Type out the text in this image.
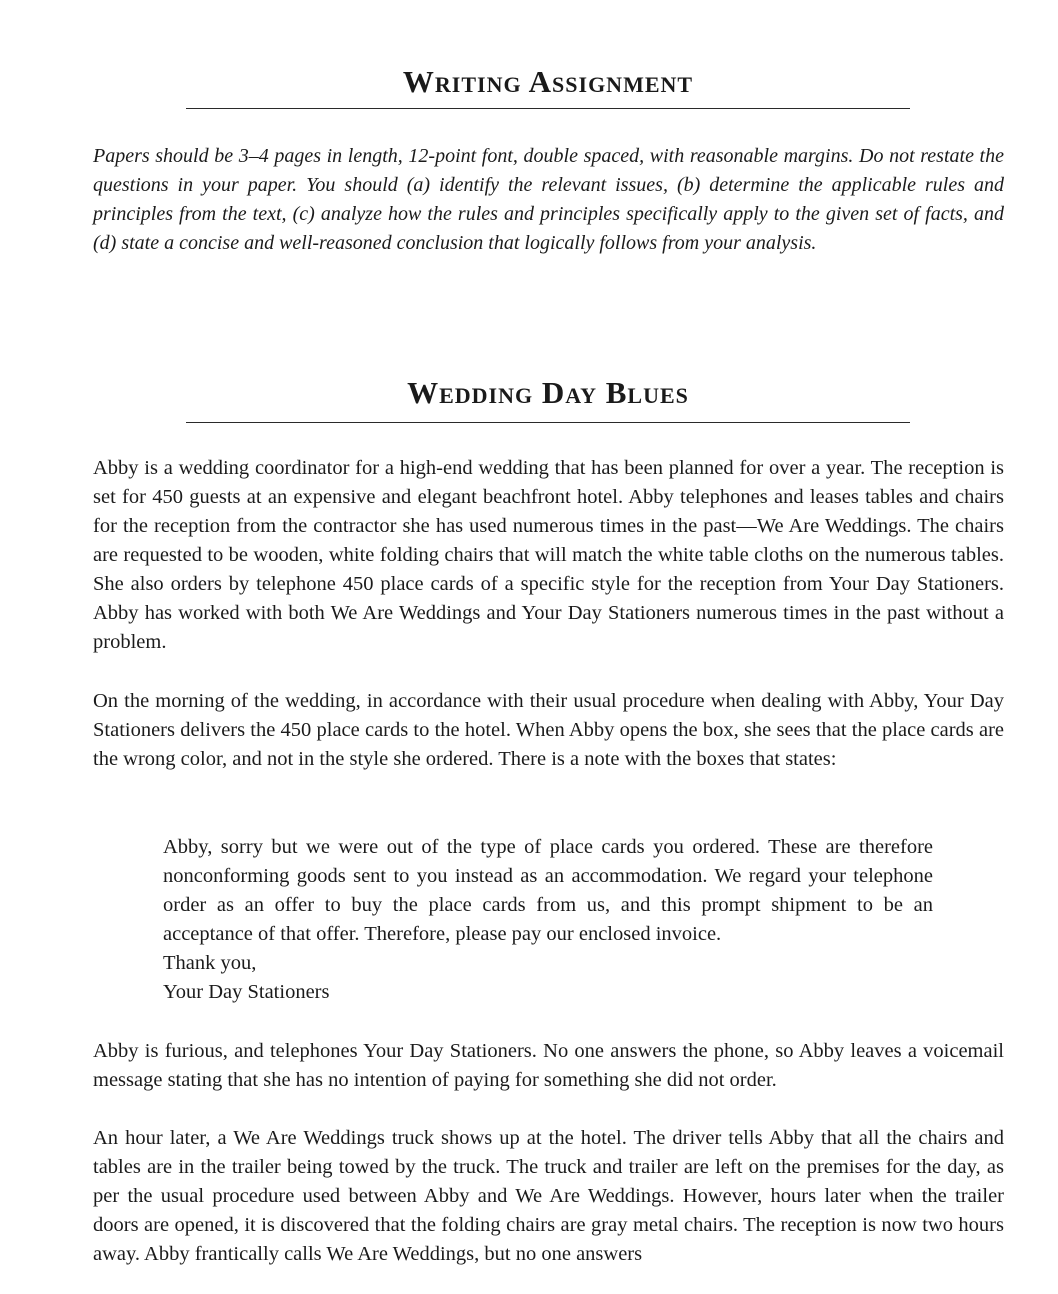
Writing Assignment

Papers should be 3–4 pages in length, 12-point font, double spaced, with reasonable margins. Do not restate the questions in your paper. You should (a) identify the relevant issues, (b) determine the applicable rules and principles from the text, (c) analyze how the rules and principles specifically apply to the given set of facts, and (d) state a concise and well-reasoned conclusion that logically follows from your analysis.

Wedding Day Blues

Abby is a wedding coordinator for a high-end wedding that has been planned for over a year. The reception is set for 450 guests at an expensive and elegant beachfront hotel. Abby telephones and leases tables and chairs for the reception from the contractor she has used numerous times in the past—We Are Weddings. The chairs are requested to be wooden, white folding chairs that will match the white table cloths on the numerous tables. She also orders by telephone 450 place cards of a specific style for the reception from Your Day Stationers. Abby has worked with both We Are Weddings and Your Day Stationers numerous times in the past without a problem.

On the morning of the wedding, in accordance with their usual procedure when dealing with Abby, Your Day Stationers delivers the 450 place cards to the hotel. When Abby opens the box, she sees that the place cards are the wrong color, and not in the style she ordered. There is a note with the boxes that states:

Abby, sorry but we were out of the type of place cards you ordered. These are therefore nonconforming goods sent to you instead as an accommodation. We regard your telephone order as an offer to buy the place cards from us, and this prompt shipment to be an acceptance of that offer. Therefore, please pay our enclosed invoice.

Thank you,
Your Day Stationers

Abby is furious, and telephones Your Day Stationers. No one answers the phone, so Abby leaves a voicemail message stating that she has no intention of paying for something she did not order.

An hour later, a We Are Weddings truck shows up at the hotel. The driver tells Abby that all the chairs and tables are in the trailer being towed by the truck. The truck and trailer are left on the premises for the day, as per the usual procedure used between Abby and We Are Weddings. However, hours later when the trailer doors are opened, it is discovered that the folding chairs are gray metal chairs. The reception is now two hours away. Abby frantically calls We Are Weddings, but no one answers
